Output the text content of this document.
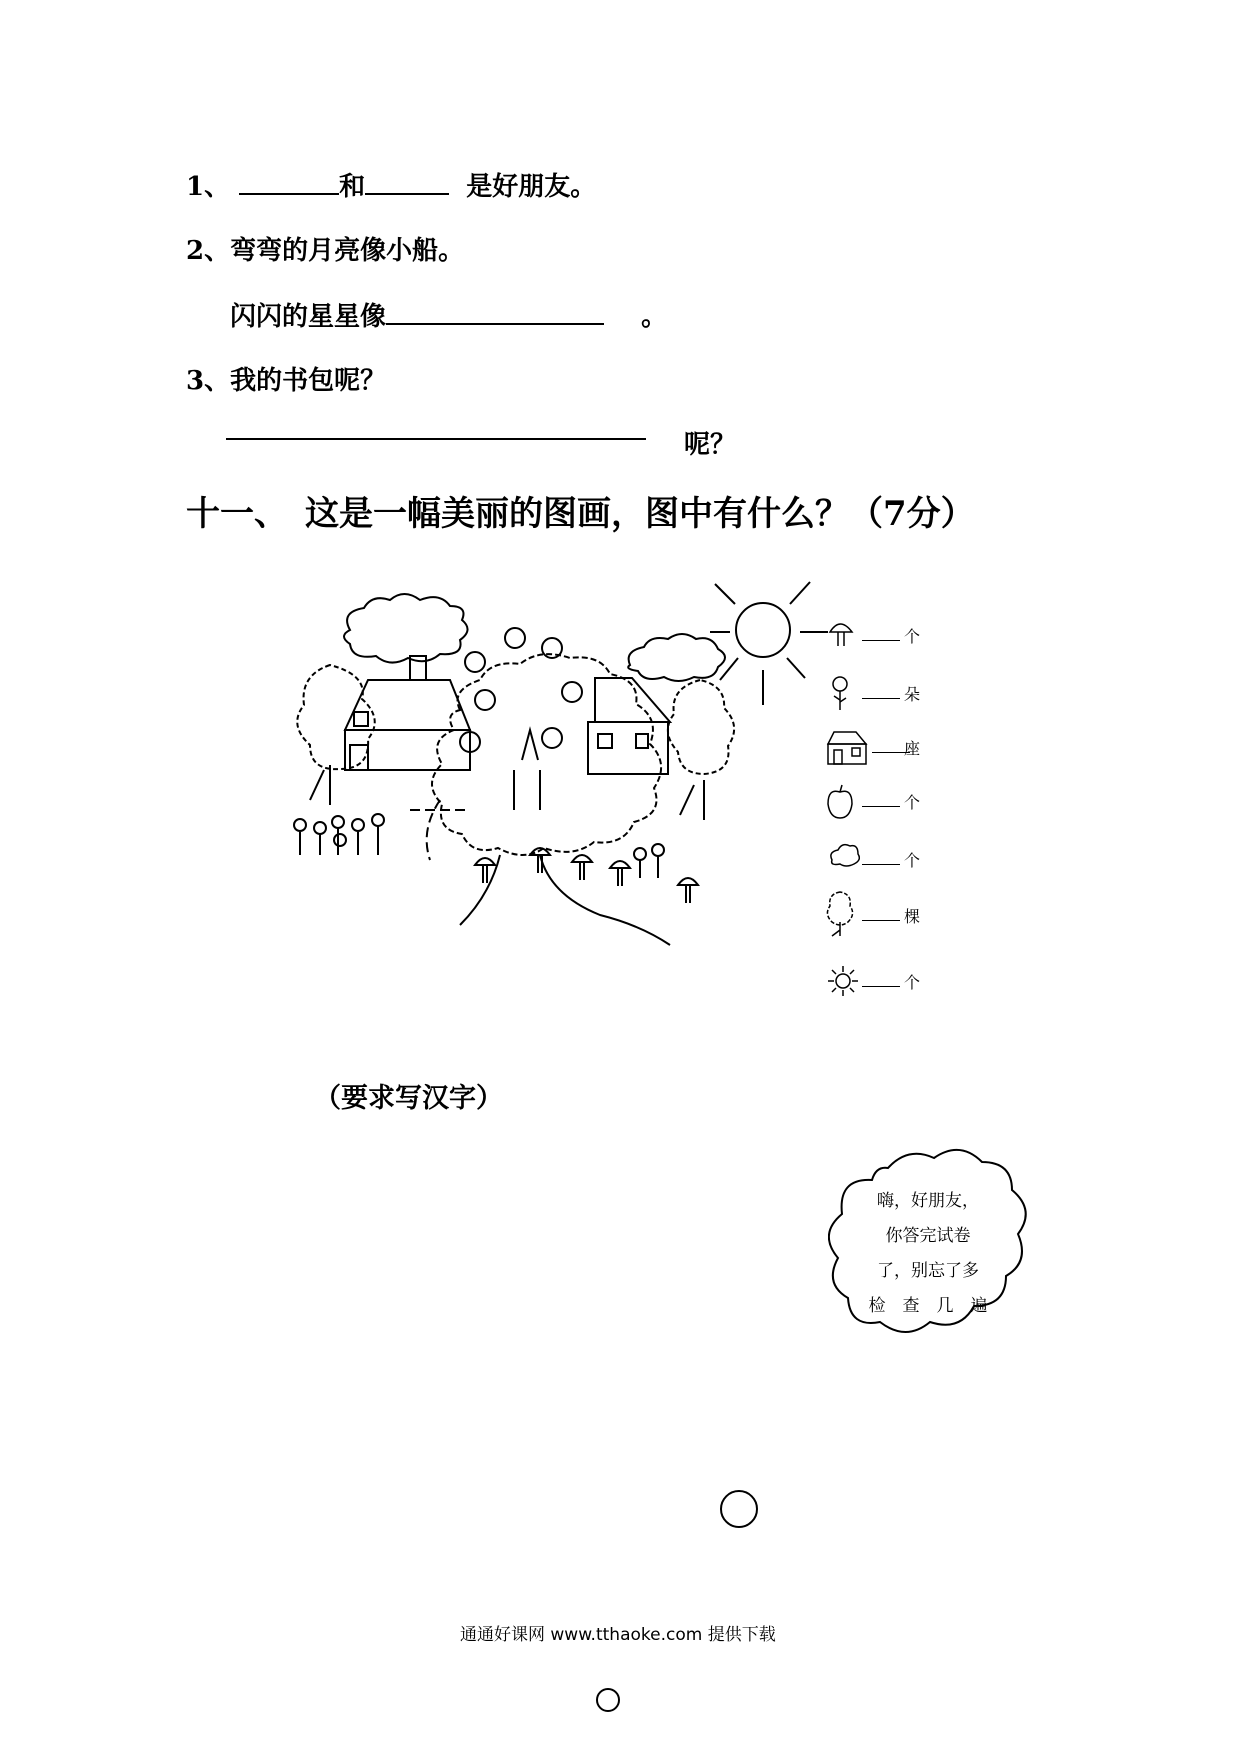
1、	和	是好朋友。
2、弯弯的月亮像小船。
闪闪的星星像	。
3、我的书包呢？
呢？
十一、　这是一幅美丽的图画，图中有什么？（7分）
个
朵
座
个
个
棵
个
（要求写汉字）
嗨，好朋友，
你答完试卷
了，别忘了多
检　查　几　遍
通通好课网 www.tthaoke.com 提供下载
